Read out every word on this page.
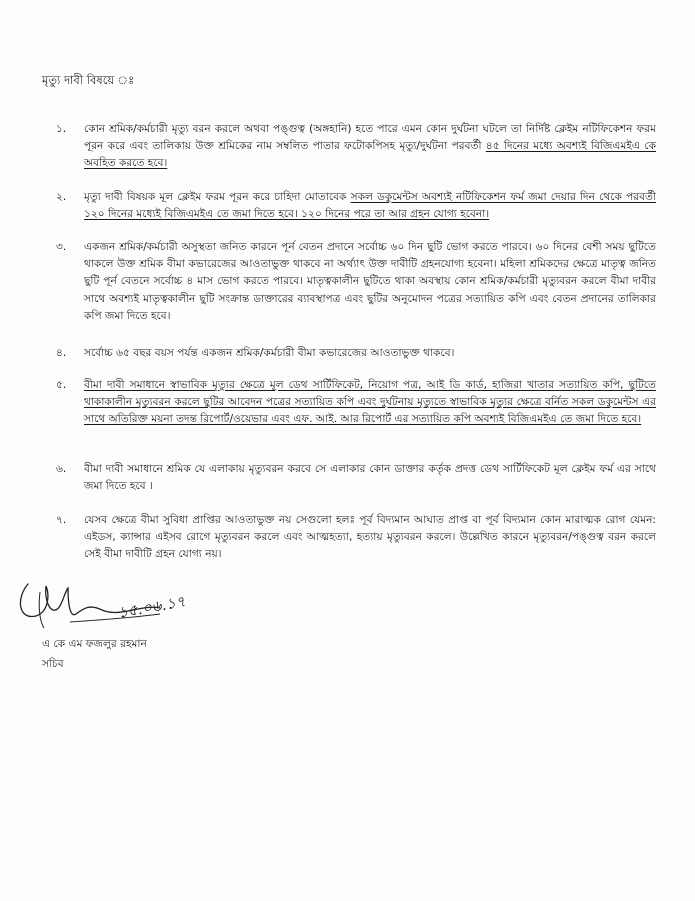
মৃত্যু দাবী বিষয়ে ঃ
১.	কোন শ্রমিক/কর্মচারী মৃত্যু বরন করলে অথবা পঙ্গুত্ব (অঙ্গহানি) হতে পারে এমন কোন দুর্ঘটনা ঘটলে তা নির্দিষ্ট ক্লেইম নটিফিকেশন ফরম পূরন করে এবং তালিকায় উক্ত শ্রমিকের নাম সম্বলিত পাতার ফটোকপিসহ মৃত্যু/দুর্ঘটনা পরবর্তী ৪৫ দিনের মধ্যে অবশ্যই বিজিএমইএ কে অবহিত করতে হবে।
২.	মৃত্যু দাবী বিষয়ক মূল ক্লেইম ফরম পূরন করে চাহিদা মোতাবেক সকল ডকুমেন্টস অবশ্যই নটিফিকেশন ফর্ম জমা দেয়ার দিন থেকে পরবর্তী ১২০ দিনের মধ্যেই বিজিএমইএ তে জমা দিতে হবে। ১২০ দিনের পরে তা আর গ্রহন যোগ্য হবেনা।
৩.	একজন শ্রমিক/কর্মচারী অসুস্থতা জনিত কারনে পূর্ন বেতন প্রদানে সর্বোচ্চ ৬০ দিন ছুটি ভোগ করতে পারবে। ৬০ দিনের বেশী সময় ছুটিতে থাকলে উক্ত শ্রমিক বীমা কভারেজের আওতাভুক্ত থাকবে না অর্থ্যাৎ উক্ত দাবীটি গ্রহনযোগ্য হবেনা। মহিলা শ্রমিকদের ক্ষেত্রে মাতৃত্ব জনিত ছুটি পূর্ন বেতনে সর্বোচ্চ ৪ মাস ভোগ করতে পারবে। মাতৃত্বকালীন ছুটিতে থাকা অবস্থায় কোন শ্রমিক/কর্মচারী মৃত্যুবরন করলে বীমা দাবীর সাথে অবশ্যই মাতৃত্বকালীন ছুটি সংক্রান্ত ডাক্তারের ব্যাবস্থাপত্র এবং ছুটির অনুমোদন পত্রের সত্যায়িত কপি এবং বেতন প্রদানের তালিকার কপি জমা দিতে হবে।
৪.	সর্বোচ্চ ৬৫ বছর বয়স পর্যন্ত একজন শ্রমিক/কর্মচারী বীমা কভারেজের আওতাভুক্ত থাকবে।
৫.	বীমা দাবী সমাধানে স্বাভাবিক মৃত্যুর ক্ষেত্রে মূল ডেথ সার্টিফিকেট, নিয়োগ পত্র, আই ডি কার্ড, হাজিরা খাতার সত্যায়িত কপি, ছুটিতে থাকাকালীন মৃত্যুবরন করলে ছুটির আবেদন পত্রের সত্যায়িত কপি এবং দুর্ঘটনায় মৃত্যুতে স্বাভাবিক মৃত্যুর ক্ষেত্রে বর্নিত সকল ডকুমেন্টস এর সাথে অতিরিক্ত ময়না তদন্ত রিপোর্ট/ওয়েভার এবং এফ. আই. আর রিপোর্ট এর সত্যায়িত কপি অবশ্যই বিজিএমইএ তে জমা দিতে হবে।
৬.	বীমা দাবী সমাধানে শ্রমিক যে এলাকায় মৃত্যুবরন করবে সে এলাকার কোন ডাক্তার কর্তৃক প্রদত্ত ডেথ সার্টিফিকেট মূল ক্লেইম ফর্ম এর সাথে জমা দিতে হবে ।
৭.	যেসব ক্ষেত্রে বীমা সুবিধা প্রাপ্তির আওতাভুক্ত নয় সেগুলো হলঃ পূর্ব বিদ্যমান আঘাত প্রাপ্ত বা পূর্ব বিদ্যমান কোন মারাত্মক রোগ যেমন: এইডস, ক্যান্সার এইসব রোগে মৃত্যুবরন করলে এবং আত্মহত্যা, হত্যায় মৃত্যুবরন করলে। উল্লেখিত কারনে মৃত্যুবরন/পঙ্গুত্ব বরন করলে সেই বীমা দাবীটি গ্রহন যোগ্য নয়।
১৫.০৬.১৭
এ কে এম ফজলুর রহমান
সচিব
